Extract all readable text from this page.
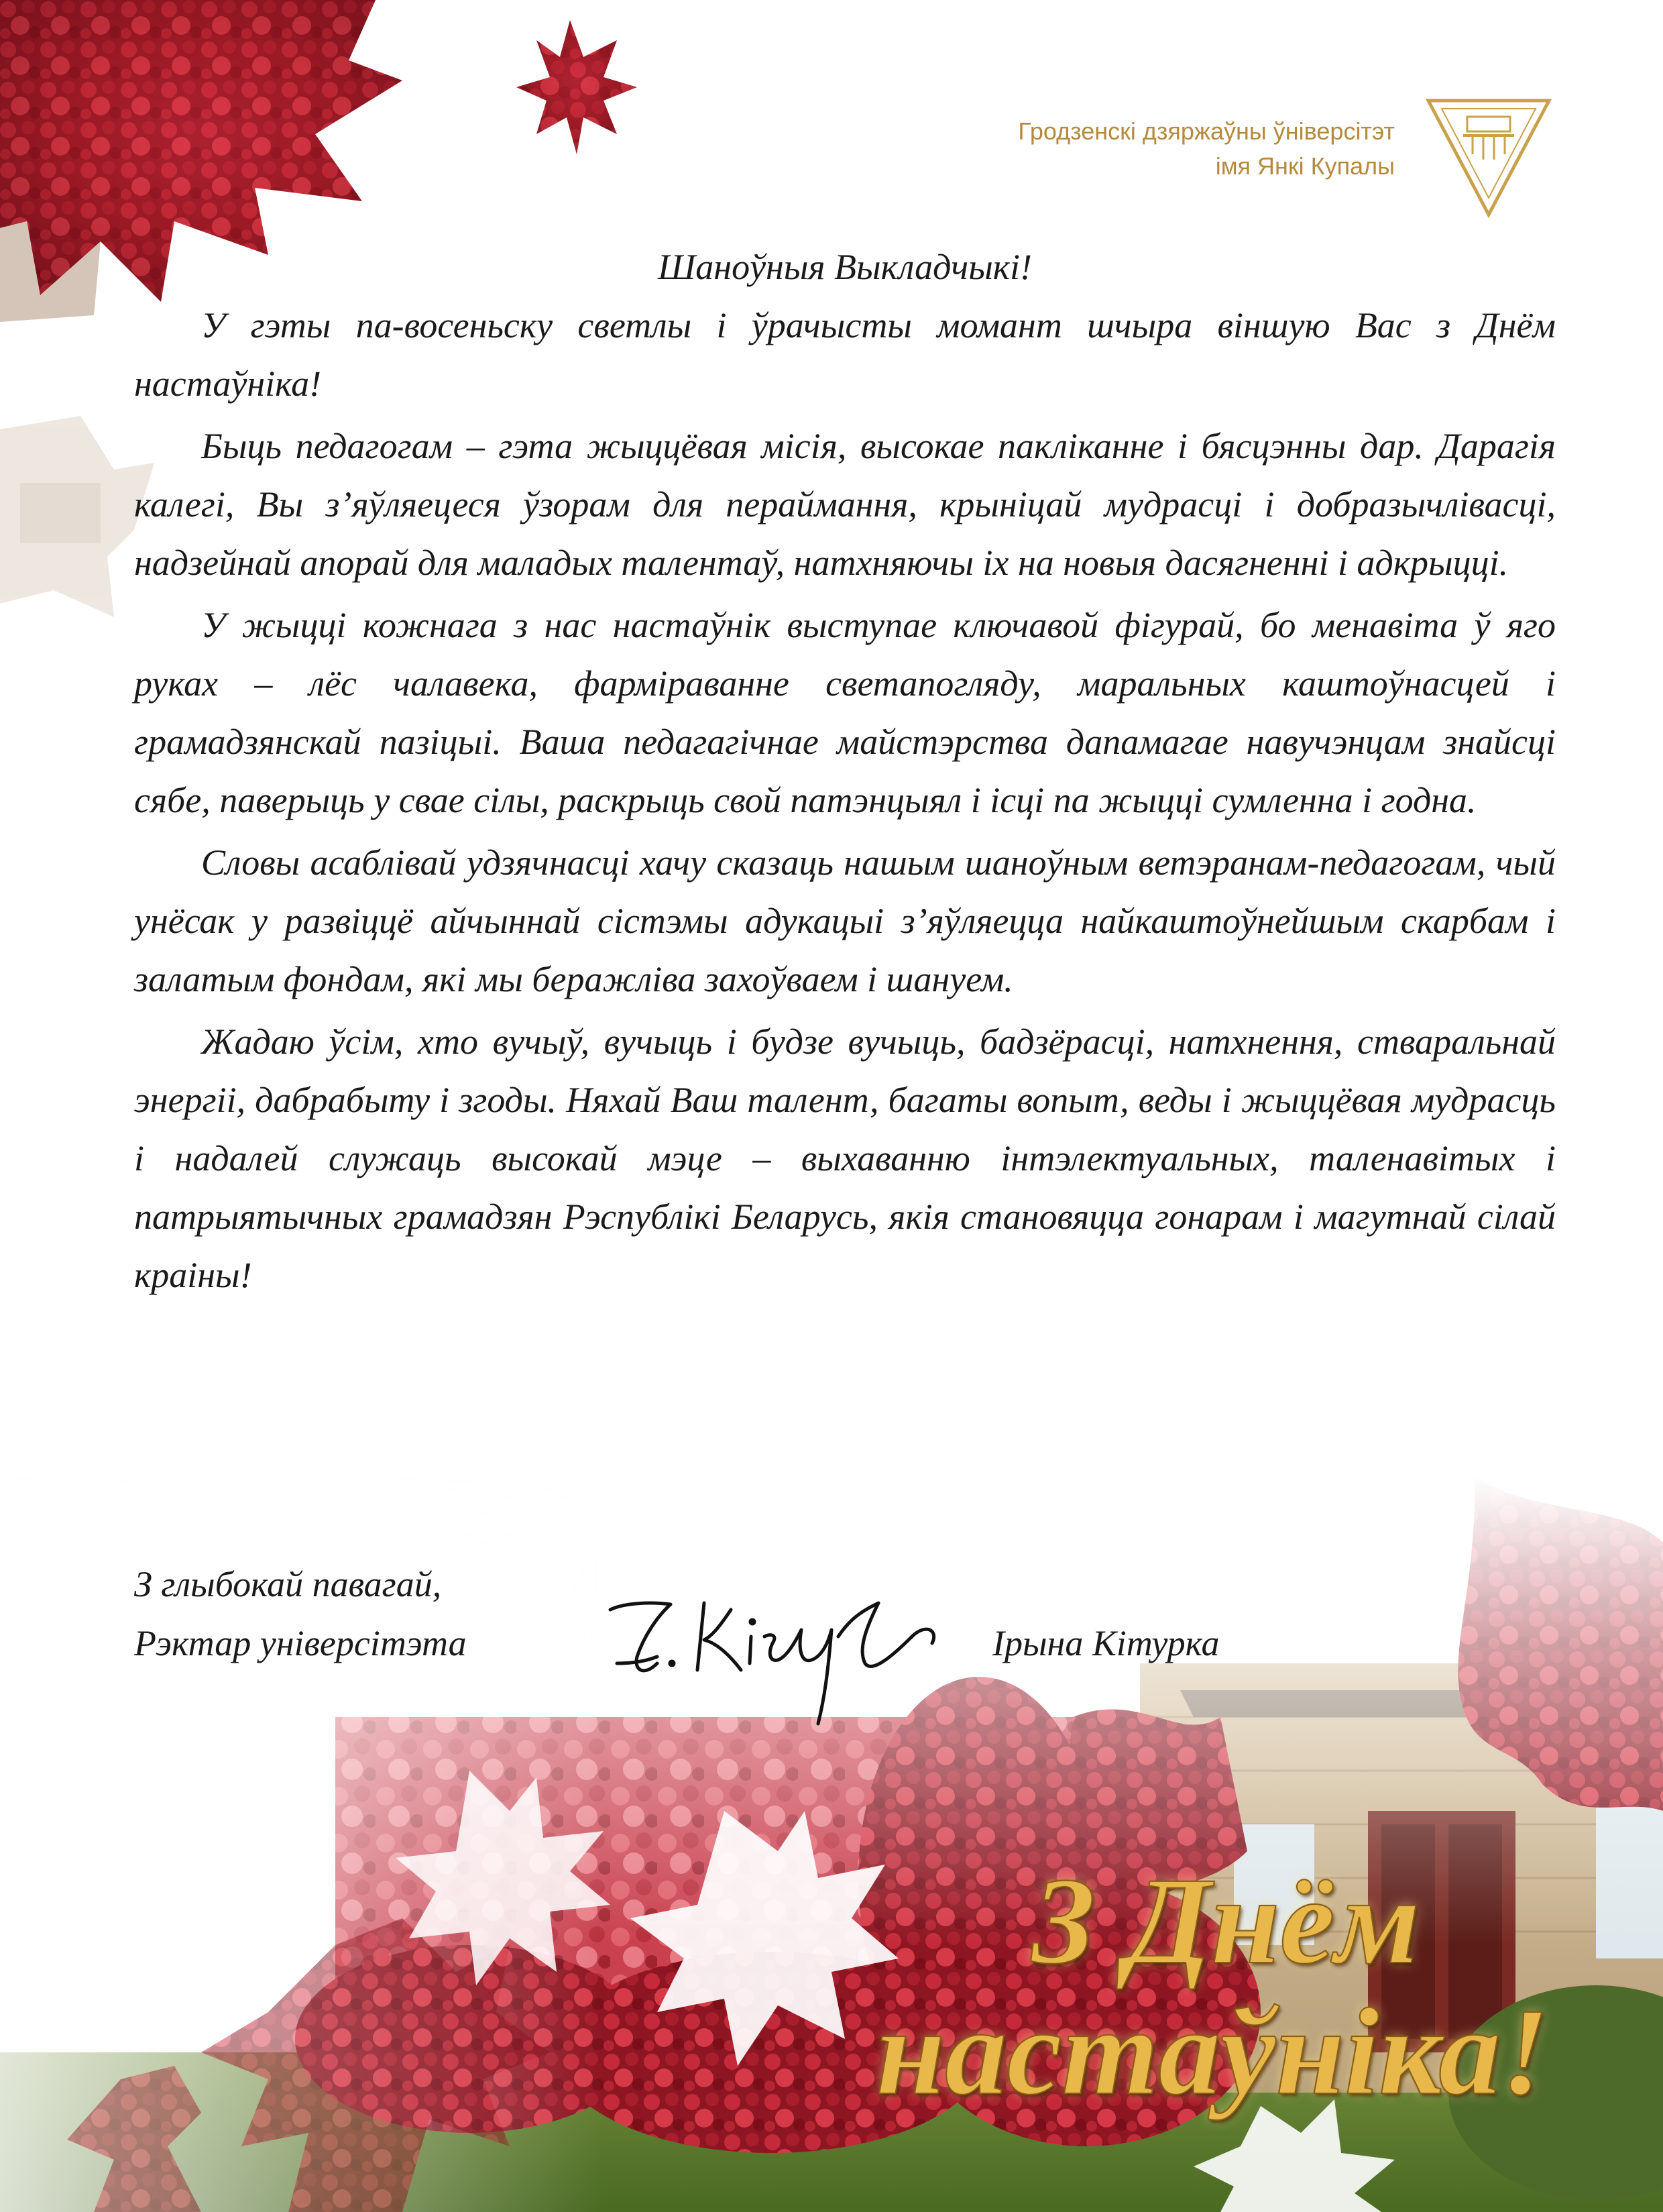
Гродзенскі дзяржаўны ўніверсітэт
імя Янкі Купалы

Шаноўныя Выкладчыкі!

У гэты па-восеньску светлы і ўрачысты момант шчыра віншую Вас з Днём настаўніка!

Быць педагогам – гэта жыццёвая місія, высокае пакліканне і бясцэнны дар. Дарагія калегі, Вы з’яўляецеся ўзорам для пераймання, крыніцай мудрасці і добразычлівасці, надзейнай апорай для маладых талентаў, натхняючы іх на новыя дасягненні і адкрыцці.

У жыцці кожнага з нас настаўнік выступае ключавой фігурай, бо менавіта ў яго руках – лёс чалавека, фарміраванне светапогляду, маральных каштоўнасцей і грамадзянскай пазіцыі. Ваша педагагічнае майстэрства дапамагае навучэнцам знайсці сябе, паверыць у свае сілы, раскрыць свой патэнцыял і ісці па жыцці сумленна і годна.

Словы асаблівай удзячнасці хачу сказаць нашым шаноўным ветэранам-педагогам, чый унёсак у развіццё айчыннай сістэмы адукацыі з’яўляецца найкаштоўнейшым скарбам і залатым фондам, які мы беражліва захоўваем і шануем.

Жадаю ўсім, хто вучыў, вучыць і будзе вучыць, бадзёрасці, натхнення, стваральнай энергіі, дабрабыту і згоды. Няхай Ваш талент, багаты вопыт, веды і жыццёвая мудрасць і надалей служаць высокай мэце – выхаванню інтэлектуальных, таленавітых і патрыятычных грамадзян Рэспублікі Беларусь, якія становяцца гонарам і магутнай сілай краіны!

З глыбокай павагай,
Рэктар універсітэта	Ірына Кітурка
З Днём
настаўніка!
